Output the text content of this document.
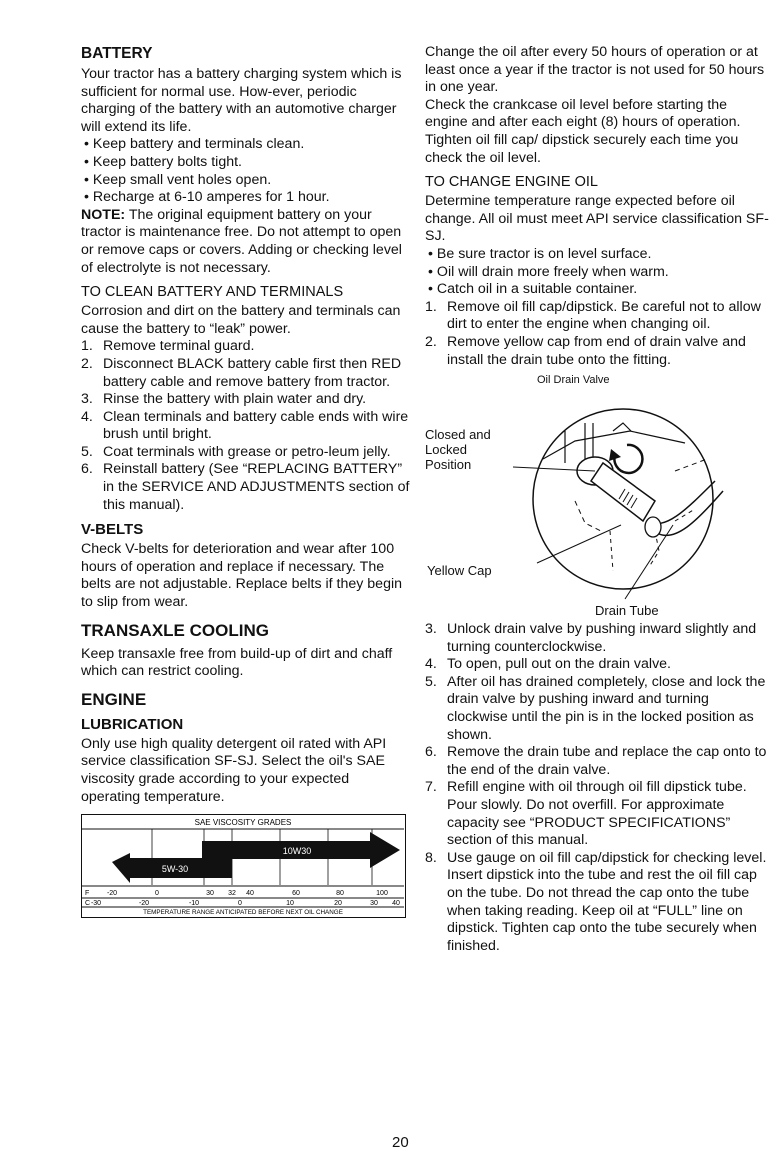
BATTERY

Your tractor has a battery charging system which is sufficient for normal use. How-ever, periodic charging of the battery with an automotive charger will extend its life.

• Keep battery and terminals clean.

• Keep battery bolts tight.

• Keep small vent holes open.

• Recharge at 6-10 amperes for 1 hour.

NOTE: The original equipment battery on your tractor is maintenance free. Do not attempt to open or remove caps or covers. Adding or checking level of electrolyte is not necessary.

TO CLEAN BATTERY AND TERMINALS

Corrosion and dirt on the battery and terminals can cause the battery to “leak” power.

1. Remove terminal guard.
2. Disconnect BLACK battery cable first then RED battery cable and remove battery from tractor.
3. Rinse the battery with plain water and dry.
4. Clean terminals and battery cable ends with wire brush until bright.
5. Coat terminals with grease or petro-leum jelly.
6. Reinstall battery (See “REPLACING BATTERY” in the SERVICE AND ADJUSTMENTS section of this manual).
V-BELTS

Check V-belts for deterioration and wear after 100 hours of operation and replace if necessary. The belts are not adjustable. Replace belts if they begin to slip from wear.

TRANSAXLE COOLING

Keep transaxle free from build-up of dirt and chaff which can restrict cooling.

ENGINE
LUBRICATION

Only use high quality detergent oil rated with API service classification SF-SJ. Select the oil's SAE viscosity grade according to your expected operating temperature.

SAE VISCOSITY GRADES
10W30
5W-30
F
C
-20	0	30 32 40	60	80	100
-30	-20	-10	0	10	20	30 40
TEMPERATURE RANGE ANTICIPATED BEFORE NEXT OIL CHANGE

Change the oil after every 50 hours of operation or at least once a year if the tractor is not used for 50 hours in one year.

Check the crankcase oil level before starting the engine and after each eight (8) hours of operation. Tighten oil fill cap/ dipstick securely each time you check the oil level.

TO CHANGE ENGINE OIL

Determine temperature range expected before oil change. All oil must meet API service classification SF-SJ.

• Be sure tractor is on level surface.

• Oil will drain more freely when warm.

• Catch oil in a suitable container.

1. Remove oil fill cap/dipstick. Be careful not to allow dirt to enter the engine when changing oil.
2. Remove yellow cap from end of drain valve and install the drain tube onto the fitting.
Oil Drain Valve
Closed and
Locked
Position
Yellow Cap
Drain Tube
3. Unlock drain valve by pushing inward slightly and turning counterclockwise.
4. To open, pull out on the drain valve.
5. After oil has drained completely, close and lock the drain valve by pushing inward and turning clockwise until the pin is in the locked position as shown.
6. Remove the drain tube and replace the cap onto to the end of the drain valve.
7. Refill engine with oil through oil fill dipstick tube. Pour slowly. Do not overfill. For approximate capacity see “PRODUCT SPECIFICATIONS” section of this manual.
8. Use gauge on oil fill cap/dipstick for checking level. Insert dipstick into the tube and rest the oil fill cap on the tube. Do not thread the cap onto the tube when taking reading. Keep oil at “FULL” line on dipstick. Tighten cap onto the tube securely when finished.
20
